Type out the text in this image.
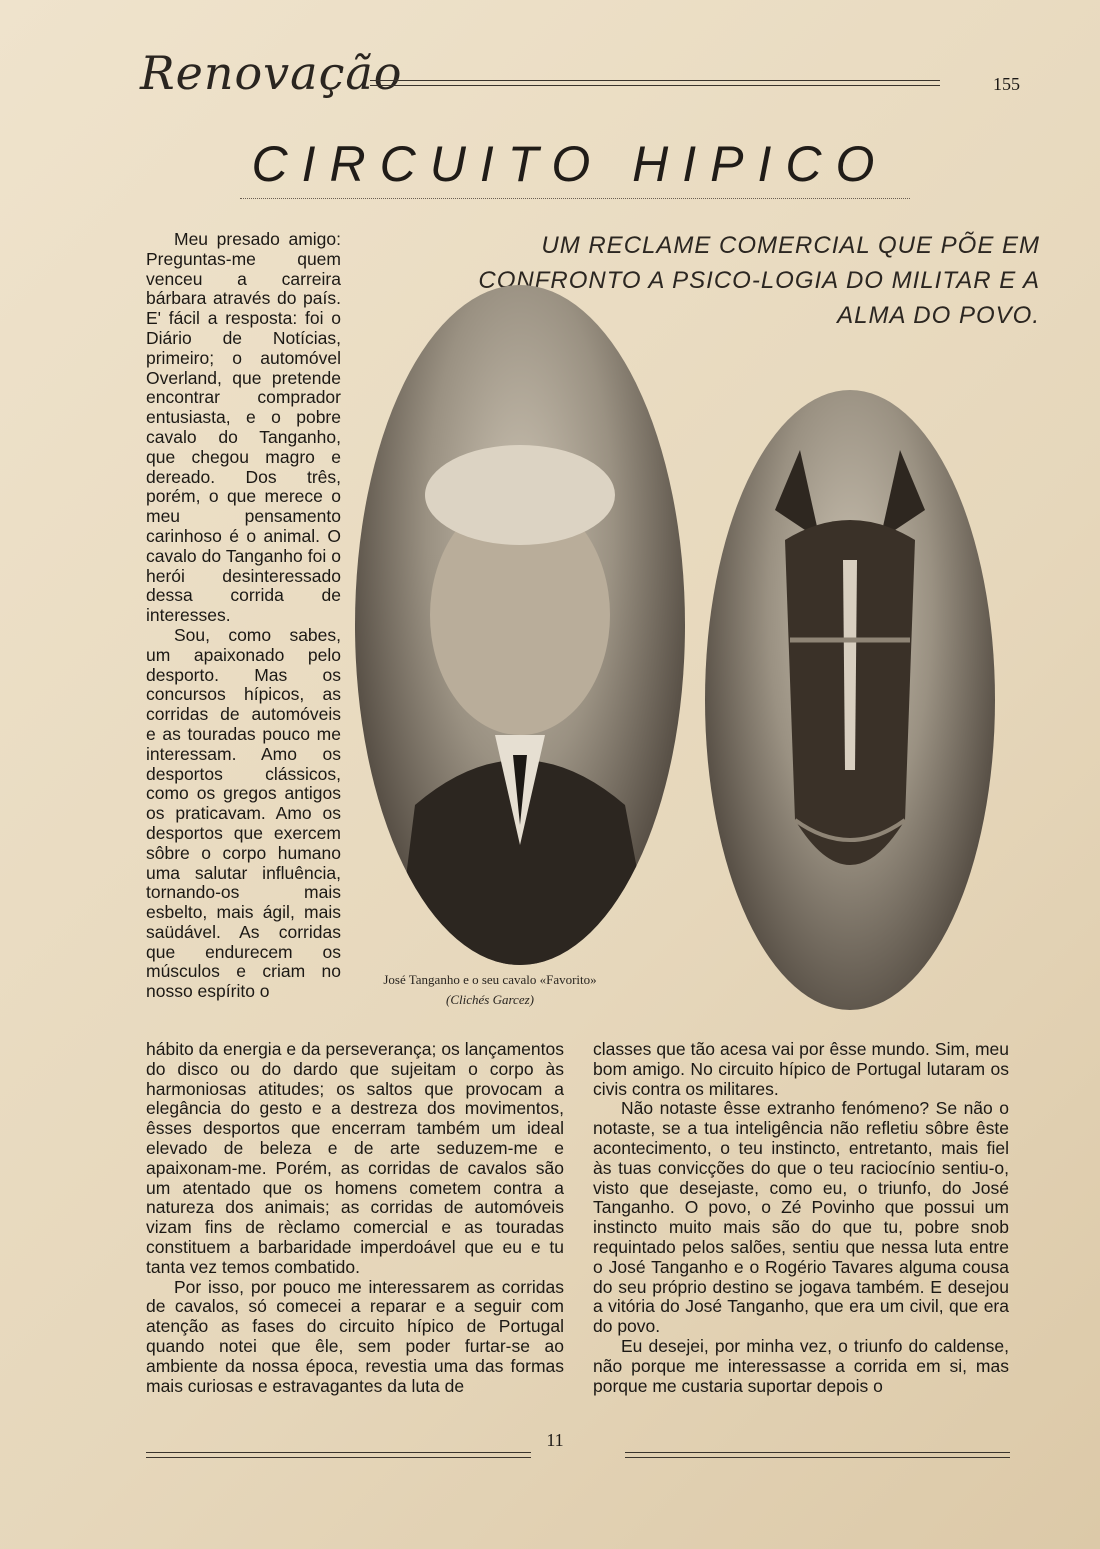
Renovação	155
CIRCUITO HIPICO
UM RECLAME COMERCIAL QUE PÕE EM CONFRONTO A PSICO-LOGIA DO MILITAR E A ALMA DO POVO.

Meu presado amigo: Preguntas-me quem venceu a carreira bárbara através do país. E' fácil a resposta: foi o Diário de Notícias, primeiro; o automóvel Overland, que pretende encontrar comprador entusiasta, e o pobre cavalo do Tanganho, que chegou magro e dereado. Dos três, porém, o que merece o meu pensamento carinhoso é o animal. O cavalo do Tanganho foi o herói desinteressado dessa corrida de interesses.

Sou, como sabes, um apaixonado pelo desporto. Mas os concursos hípicos, as corridas de automóveis e as touradas pouco me interessam. Amo os desportos clássicos, como os gregos antigos os praticavam. Amo os desportos que exercem sôbre o corpo humano uma salutar influência, tornando-os mais esbelto, mais ágil, mais saüdável. As corridas que endurecem os músculos e criam no nosso espírito o

José Tanganho e o seu cavalo «Favorito»
(Clichés Garcez)

hábito da energia e da perseverança; os lançamentos do disco ou do dardo que sujeitam o corpo às harmoniosas atitudes; os saltos que provocam a elegância do gesto e a destreza dos movimentos, êsses desportos que encerram também um ideal elevado de beleza e de arte seduzem-me e apaixonam-me. Porém, as corridas de cavalos são um atentado que os homens cometem contra a natureza dos animais; as corridas de automóveis vizam fins de rèclamo comercial e as touradas constituem a barbaridade imperdoável que eu e tu tanta vez temos combatido.

Por isso, por pouco me interessarem as corridas de cavalos, só comecei a reparar e a seguir com atenção as fases do circuito hípico de Portugal quando notei que êle, sem poder furtar-se ao ambiente da nossa época, revestia uma das formas mais curiosas e estravagantes da luta de

classes que tão acesa vai por êsse mundo. Sim, meu bom amigo. No circuito hípico de Portugal lutaram os civis contra os militares.

Não notaste êsse extranho fenómeno? Se não o notaste, se a tua inteligência não refletiu sôbre êste acontecimento, o teu instincto, entretanto, mais fiel às tuas convicções do que o teu raciocínio sentiu-o, visto que desejaste, como eu, o triunfo, do José Tanganho. O povo, o Zé Povinho que possui um instincto muito mais são do que tu, pobre snob requintado pelos salões, sentiu que nessa luta entre o José Tanganho e o Rogério Tavares alguma cousa do seu próprio destino se jogava também. E desejou a vitória do José Tanganho, que era um civil, que era do povo.

Eu desejei, por minha vez, o triunfo do caldense, não porque me interessasse a corrida em si, mas porque me custaria suportar depois o

11
